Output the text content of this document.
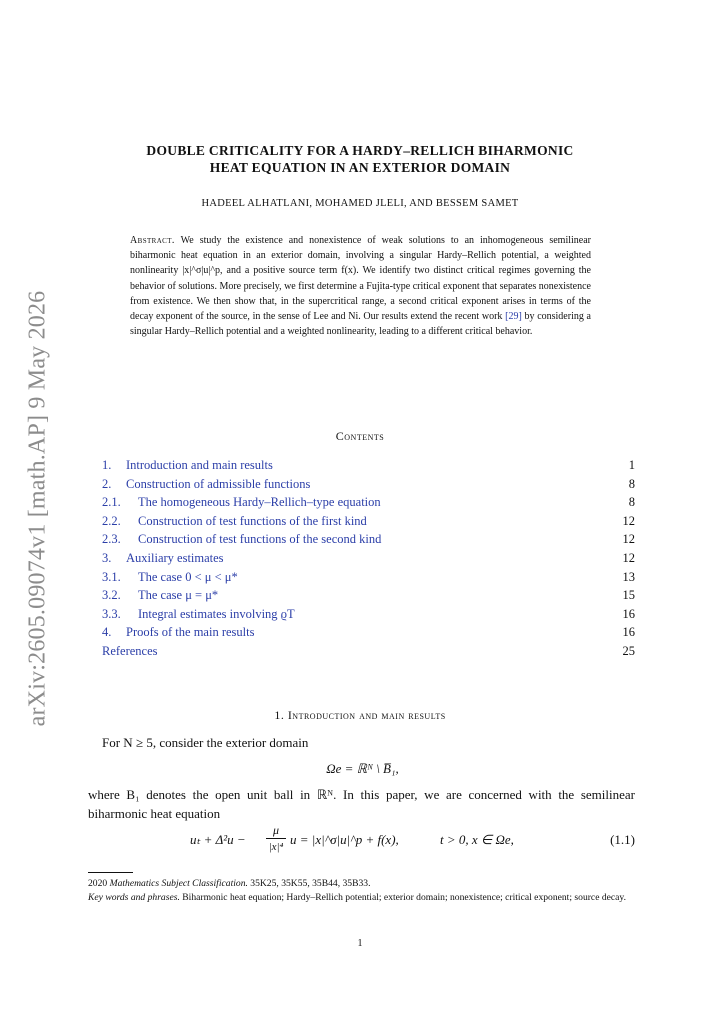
arXiv:2605.09074v1 [math.AP] 9 May 2026
DOUBLE CRITICALITY FOR A HARDY–RELLICH BIHARMONIC
HEAT EQUATION IN AN EXTERIOR DOMAIN
HADEEL ALHATLANI, MOHAMED JLELI, AND BESSEM SAMET
Abstract. We study the existence and nonexistence of weak solutions to an inhomogeneous semilinear biharmonic heat equation in an exterior domain, involving a singular Hardy–Rellich potential, a weighted nonlinearity |x|^σ|u|^p, and a positive source term f(x). We identify two distinct critical regimes governing the behavior of solutions. More precisely, we first determine a Fujita-type critical exponent that separates nonexistence from existence. We then show that, in the supercritical range, a second critical exponent arises in terms of the decay exponent of the source, in the sense of Lee and Ni. Our results extend the recent work [29] by considering a singular Hardy–Rellich potential and a weighted nonlinearity, leading to a different critical behavior.
Contents
1. Introduction and main results	1
2. Construction of admissible functions	8
2.1. The homogeneous Hardy–Rellich–type equation	8
2.2. Construction of test functions of the first kind	12
2.3. Construction of test functions of the second kind	12
3. Auxiliary estimates	12
3.1. The case 0 < μ < μ*	13
3.2. The case μ = μ*	15
3.3. Integral estimates involving ϱT	16
4. Proofs of the main results	16
References	25
1. Introduction and main results
For N ≥ 5, consider the exterior domain
Ωe = ℝᴺ \ B̅₁,
where B₁ denotes the open unit ball in ℝᴺ. In this paper, we are concerned with the semilinear biharmonic heat equation
$u_t + \Delta^2u - \frac{\mu}{\text{|x|⁴}}$ u = |x|^σ|u|^p + f(x),	t > 0, x ∈ Ωe,	(1.1)
2020 Mathematics Subject Classification. 35K25, 35K55, 35B44, 35B33.
Key words and phrases. Biharmonic heat equation; Hardy–Rellich potential; exterior domain; nonexistence; critical exponent; source decay.
1
